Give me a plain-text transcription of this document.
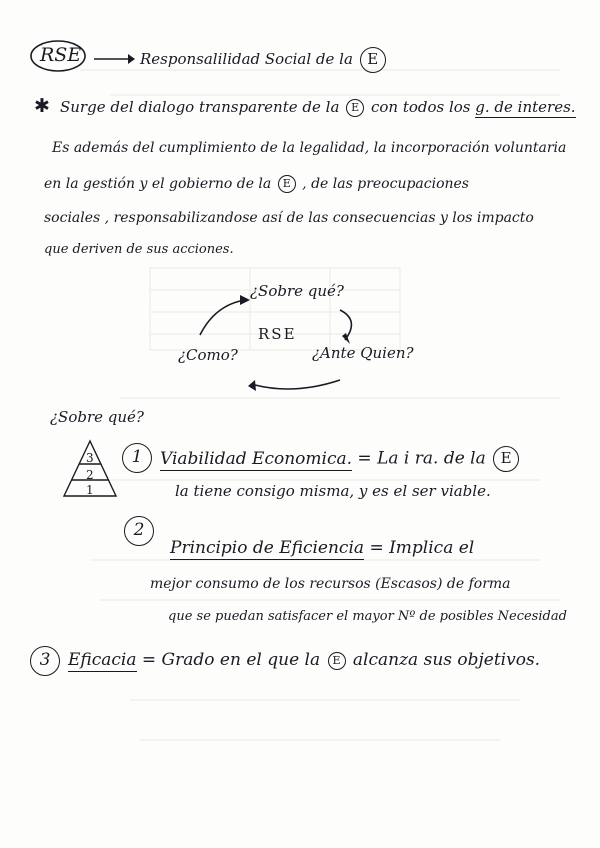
RSE	Responsalilidad Social de la E
✱ Surge del dialogo transparente de la E con todos los g. de interes.
Es además del cumplimiento de la legalidad, la incorporación voluntaria
en la gestión y el gobierno de la E , de las preocupaciones
sociales , responsabilizandose así de las consecuencias y los impacto
que deriven de sus acciones.
RSE
¿Sobre qué?
¿Ante Quien?
¿Como?
¿Sobre qué?
3
2
1
1	Viabilidad Economica. = La i ra. de la E
la tiene consigo misma, y es el ser viable.
2
Principio de Eficiencia = Implica el
mejor consumo de los recursos (Escasos) de forma
que se puedan satisfacer el mayor Nº de posibles Necesidad
3	Eficacia = Grado en el que la E alcanza sus objetivos.
